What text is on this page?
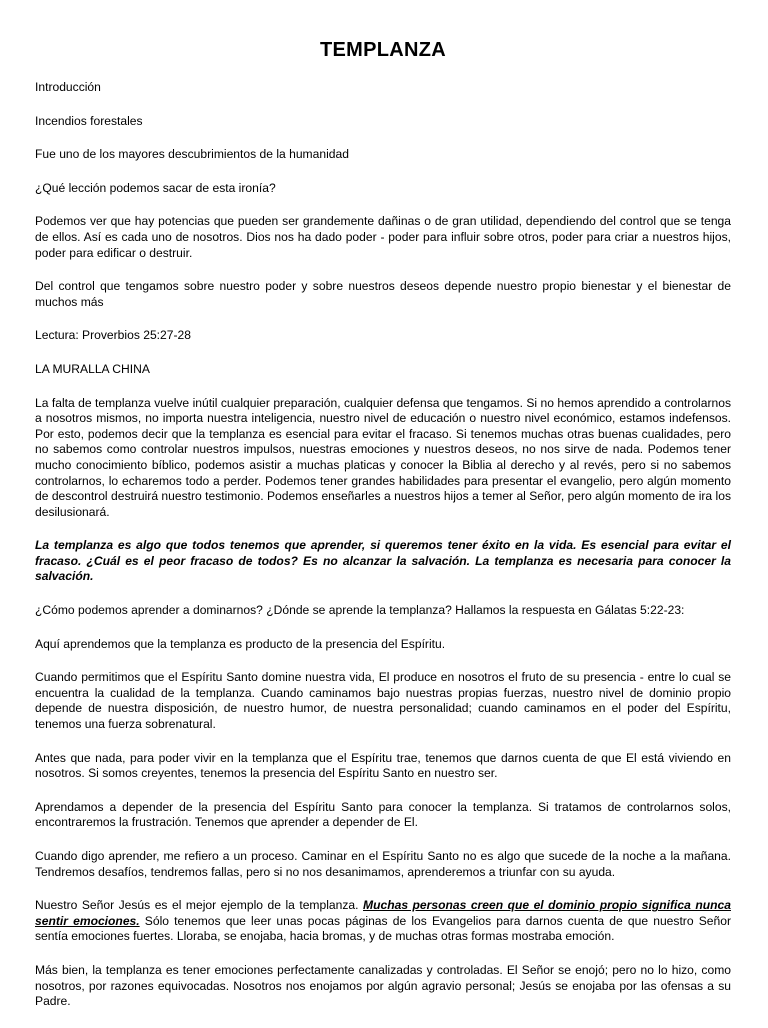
TEMPLANZA

Introducción

Incendios forestales

Fue uno de los mayores descubrimientos de la humanidad

¿Qué lección podemos sacar de esta ironía?

Podemos ver que hay potencias que pueden ser grandemente dañinas o de gran utilidad, dependiendo del control que se tenga de ellos. Así es cada uno de nosotros. Dios nos ha dado poder - poder para influir sobre otros, poder para criar a nuestros hijos, poder para edificar o destruir.

Del control que tengamos sobre nuestro poder y sobre nuestros deseos depende nuestro propio bienestar y el bienestar de muchos más

Lectura: Proverbios 25:27-28

LA MURALLA CHINA

La falta de templanza vuelve inútil cualquier preparación, cualquier defensa que tengamos. Si no hemos aprendido a controlarnos a nosotros mismos, no importa nuestra inteligencia, nuestro nivel de educación o nuestro nivel económico, estamos indefensos. Por esto, podemos decir que la templanza es esencial para evitar el fracaso. Si tenemos muchas otras buenas cualidades, pero no sabemos como controlar nuestros impulsos, nuestras emociones y nuestros deseos, no nos sirve de nada. Podemos tener mucho conocimiento bíblico, podemos asistir a muchas platicas y conocer la Biblia al derecho y al revés, pero si no sabemos controlarnos, lo echaremos todo a perder. Podemos tener grandes habilidades para presentar el evangelio, pero algún momento de descontrol destruirá nuestro testimonio. Podemos enseñarles a nuestros hijos a temer al Señor, pero algún momento de ira los desilusionará.

La templanza es algo que todos tenemos que aprender, si queremos tener éxito en la vida. Es esencial para evitar el fracaso. ¿Cuál es el peor fracaso de todos? Es no alcanzar la salvación. La templanza es necesaria para conocer la salvación.

¿Cómo podemos aprender a dominarnos? ¿Dónde se aprende la templanza? Hallamos la respuesta en Gálatas 5:22-23:

Aquí aprendemos que la templanza es producto de la presencia del Espíritu.

Cuando permitimos que el Espíritu Santo domine nuestra vida, El produce en nosotros el fruto de su presencia - entre lo cual se encuentra la cualidad de la templanza. Cuando caminamos bajo nuestras propias fuerzas, nuestro nivel de dominio propio depende de nuestra disposición, de nuestro humor, de nuestra personalidad; cuando caminamos en el poder del Espíritu, tenemos una fuerza sobrenatural.

Antes que nada, para poder vivir en la templanza que el Espíritu trae, tenemos que darnos cuenta de que El está viviendo en nosotros. Si somos creyentes, tenemos la presencia del Espíritu Santo en nuestro ser.

Aprendamos a depender de la presencia del Espíritu Santo para conocer la templanza. Si tratamos de controlarnos solos, encontraremos la frustración. Tenemos que aprender a depender de El.

Cuando digo aprender, me refiero a un proceso. Caminar en el Espíritu Santo no es algo que sucede de la noche a la mañana. Tendremos desafíos, tendremos fallas, pero si no nos desanimamos, aprenderemos a triunfar con su ayuda.

Nuestro Señor Jesús es el mejor ejemplo de la templanza. Muchas personas creen que el dominio propio significa nunca sentir emociones. Sólo tenemos que leer unas pocas páginas de los Evangelios para darnos cuenta de que nuestro Señor sentía emociones fuertes. Lloraba, se enojaba, hacia bromas, y de muchas otras formas mostraba emoción.

Más bien, la templanza es tener emociones perfectamente canalizadas y controladas. El Señor se enojó; pero no lo hizo, como nosotros, por razones equivocadas. Nosotros nos enojamos por algún agravio personal; Jesús se enojaba por las ofensas a su Padre.
